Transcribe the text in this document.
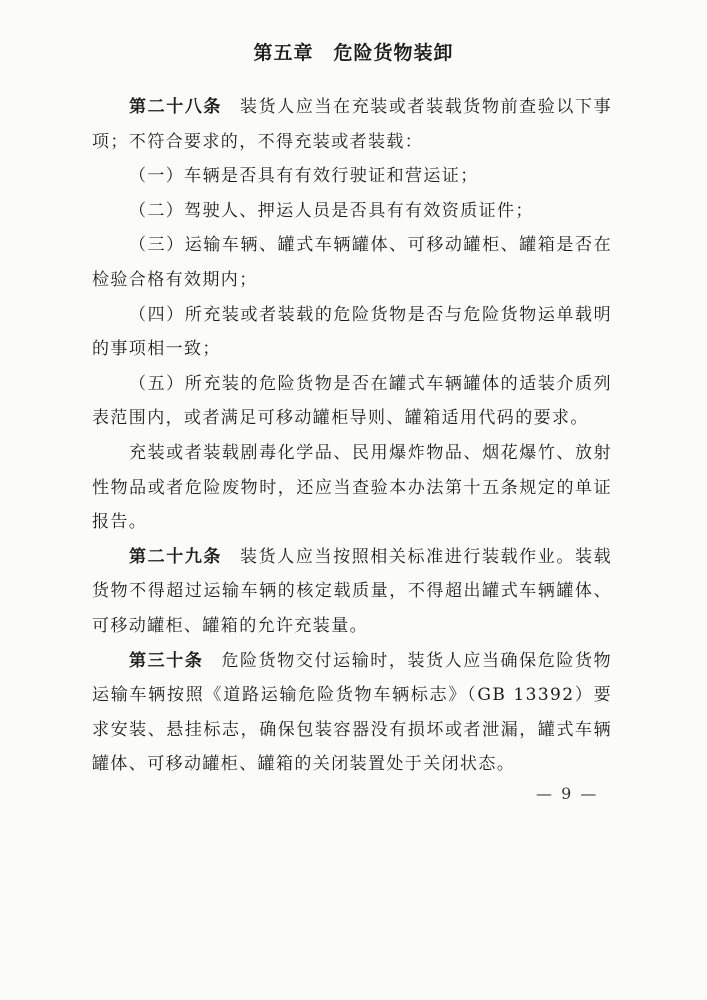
第五章　危险货物装卸

第二十八条 装货人应当在充装或者装载货物前查验以下事项；不符合要求的，不得充装或者装载：

（一）车辆是否具有有效行驶证和营运证；

（二）驾驶人、押运人员是否具有有效资质证件；

（三）运输车辆、罐式车辆罐体、可移动罐柜、罐箱是否在检验合格有效期内；

（四）所充装或者装载的危险货物是否与危险货物运单载明的事项相一致；

（五）所充装的危险货物是否在罐式车辆罐体的适装介质列表范围内，或者满足可移动罐柜导则、罐箱适用代码的要求。

充装或者装载剧毒化学品、民用爆炸物品、烟花爆竹、放射性物品或者危险废物时，还应当查验本办法第十五条规定的单证报告。

第二十九条 装货人应当按照相关标准进行装载作业。装载货物不得超过运输车辆的核定载质量，不得超出罐式车辆罐体、可移动罐柜、罐箱的允许充装量。

第三十条 危险货物交付运输时，装货人应当确保危险货物运输车辆按照《道路运输危险货物车辆标志》（GB 13392）要求安装、悬挂标志，确保包装容器没有损坏或者泄漏，罐式车辆罐体、可移动罐柜、罐箱的关闭装置处于关闭状态。

— 9 —
